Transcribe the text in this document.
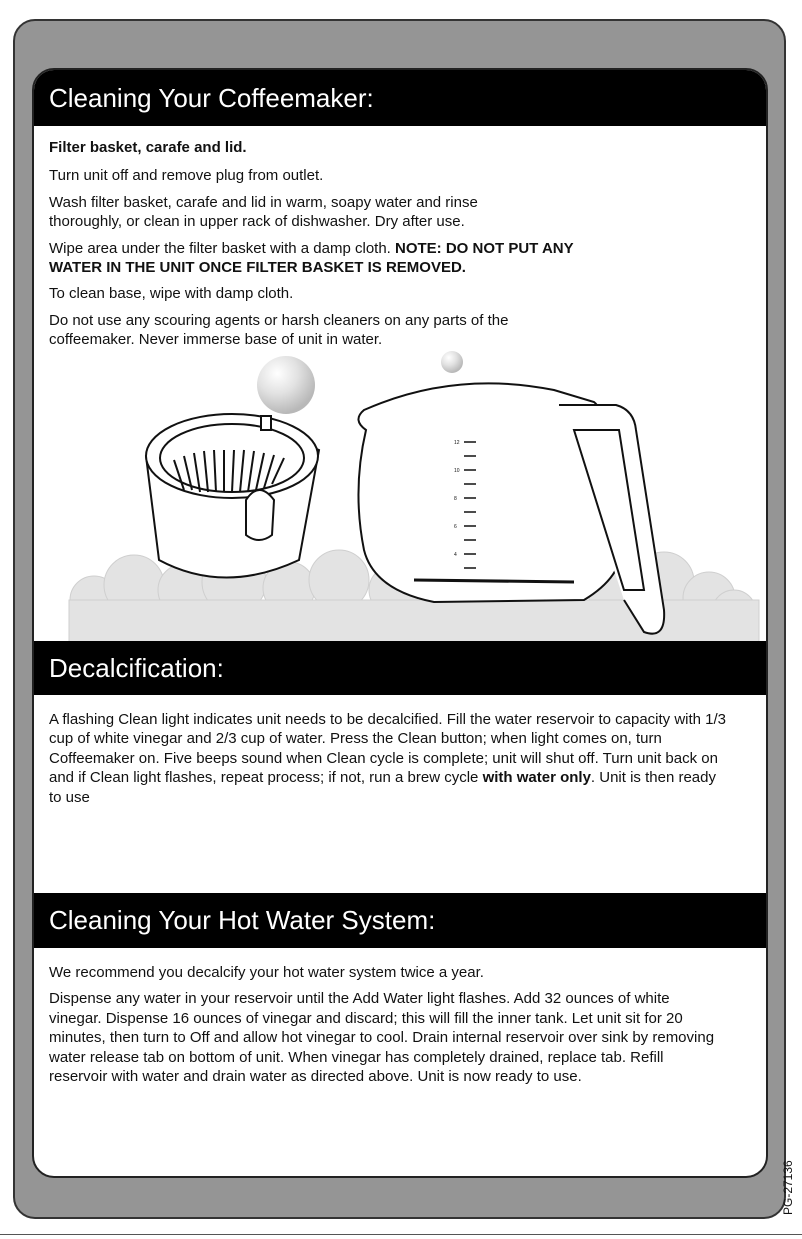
Cleaning Your Coffeemaker:

Filter basket, carafe and lid.

Turn unit off and remove plug from outlet.

Wash filter basket, carafe and lid in warm, soapy water and rinse thoroughly, or clean in upper rack of dishwasher. Dry after use.

Wipe area under the filter basket with a damp cloth. NOTE: DO NOT PUT ANY WATER IN THE UNIT ONCE FILTER BASKET IS REMOVED.

To clean base, wipe with damp cloth.

Do not use any scouring agents or harsh cleaners on any parts of the coffeemaker. Never immerse base of unit in water.

12
10
8
6
4
Decalcification:

A flashing Clean light indicates unit needs to be decalcified. Fill the water reservoir to capacity with 1/3 cup of white vinegar and 2/3 cup of water. Press the Clean button; when light comes on, turn Coffeemaker on. Five beeps sound when Clean cycle is complete; unit will shut off. Turn unit back on and if Clean light flashes, repeat process; if not, run a brew cycle with water only. Unit is then ready to use

Cleaning Your Hot Water System:

We recommend you decalcify your hot water system twice a year.

Dispense any water in your reservoir until the Add Water light flashes. Add 32 ounces of white vinegar. Dispense 16 ounces of vinegar and discard; this will fill the inner tank. Let unit sit for 20 minutes, then turn to Off and allow hot vinegar to cool. Drain internal reservoir over sink by removing water release tab on bottom of unit. When vinegar has completely drained, replace tab. Refill reservoir with water and drain water as directed above. Unit is now ready to use.

PG-27136
